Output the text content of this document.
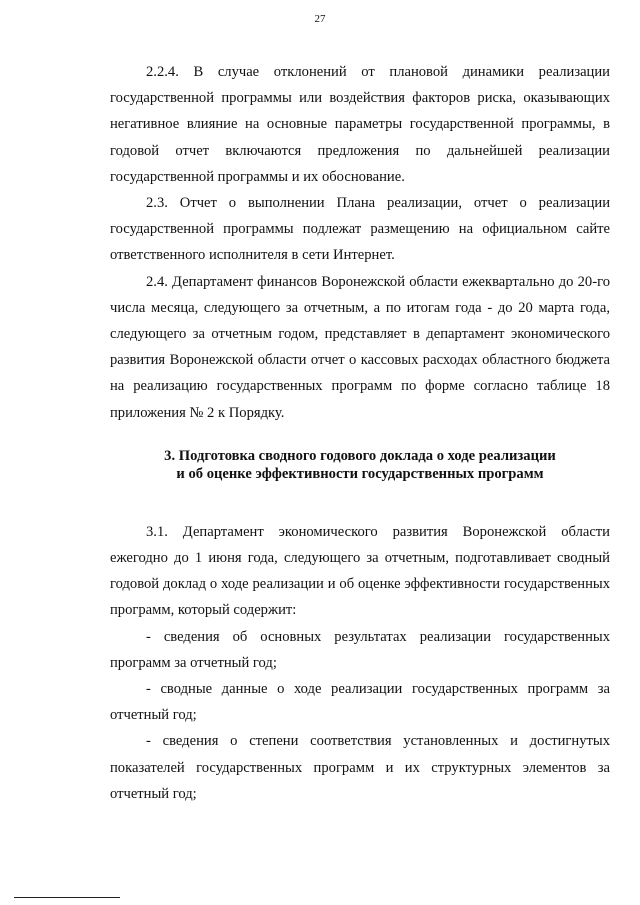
27

2.2.4. В случае отклонений от плановой динамики реализации государственной программы или воздействия факторов риска, оказывающих негативное влияние на основные параметры государственной программы, в годовой отчет включаются предложения по дальнейшей реализации государственной программы и их обоснование.

2.3. Отчет о выполнении Плана реализации, отчет о реализации государственной программы подлежат размещению на официальном сайте ответственного исполнителя в сети Интернет.

2.4. Департамент финансов Воронежской области ежеквартально до 20-го числа месяца, следующего за отчетным, а по итогам года - до 20 марта года, следующего за отчетным годом, представляет в департамент экономического развития Воронежской области отчет о кассовых расходах областного бюджета на реализацию государственных программ по форме согласно таблице 18 приложения № 2 к Порядку.

3. Подготовка сводного годового доклада о ходе реализации
и об оценке эффективности государственных программ

3.1. Департамент экономического развития Воронежской области ежегодно до 1 июня года, следующего за отчетным, подготавливает сводный годовой доклад о ходе реализации и об оценке эффективности государственных программ, который содержит:

- сведения об основных результатах реализации государственных программ за отчетный год;

- сводные данные о ходе реализации государственных программ за отчетный год;

- сведения о степени соответствия установленных и достигнутых показателей государственных программ и их структурных элементов за отчетный год;
